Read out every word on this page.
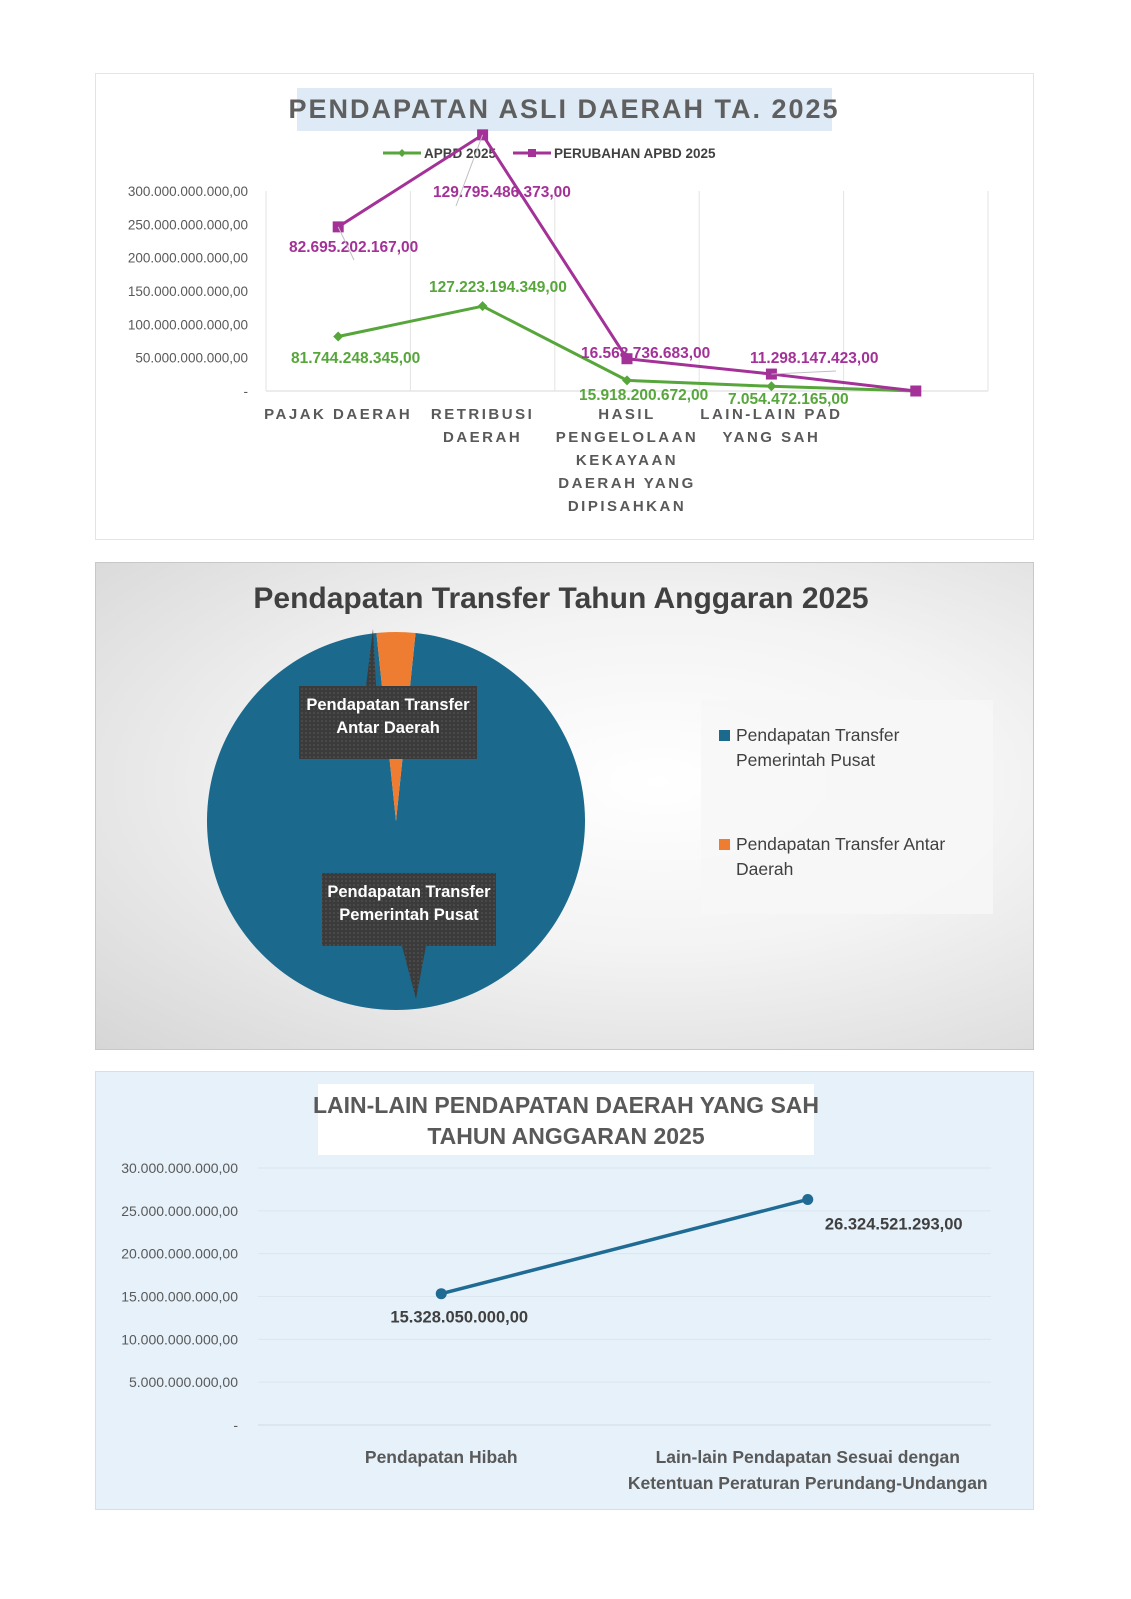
PENDAPATAN ASLI DAERAH TA. 2025
-
50.000.000.000,00
100.000.000.000,00
150.000.000.000,00
200.000.000.000,00
250.000.000.000,00
300.000.000.000,00
PAJAK DAERAH RETRIBUSI
DAERAH
HASIL
PENGELOLAAN
KEKAYAAN
DAERAH YANG
DIPISAHKAN
LAIN-LAIN PAD
YANG SAH
APBD 2025	PERUBAHAN APBD 2025
81.744.248.345,00
127.223.194.349,00
15.918.200.672,00 7.054.472.165,00
82.695.202.167,00
129.795.486.373,00
16.568.736.683,00	11.298.147.423,00
Pendapatan Transfer Tahun Anggaran 2025
Pendapatan Transfer
Pemerintah Pusat
Pendapatan Transfer
Antar Daerah	Pendapatan Transfer
Pemerintah Pusat
Pendapatan Transfer Antar
Daerah
LAIN-LAIN PENDAPATAN DAERAH YANG SAH
TAHUN ANGGARAN 2025
-
5.000.000.000,00
10.000.000.000,00
15.000.000.000,00
20.000.000.000,00
25.000.000.000,00
30.000.000.000,00
Pendapatan Hibah	Lain-lain Pendapatan Sesuai dengan
Ketentuan Peraturan Perundang-Undangan
15.328.050.000,00
26.324.521.293,00
